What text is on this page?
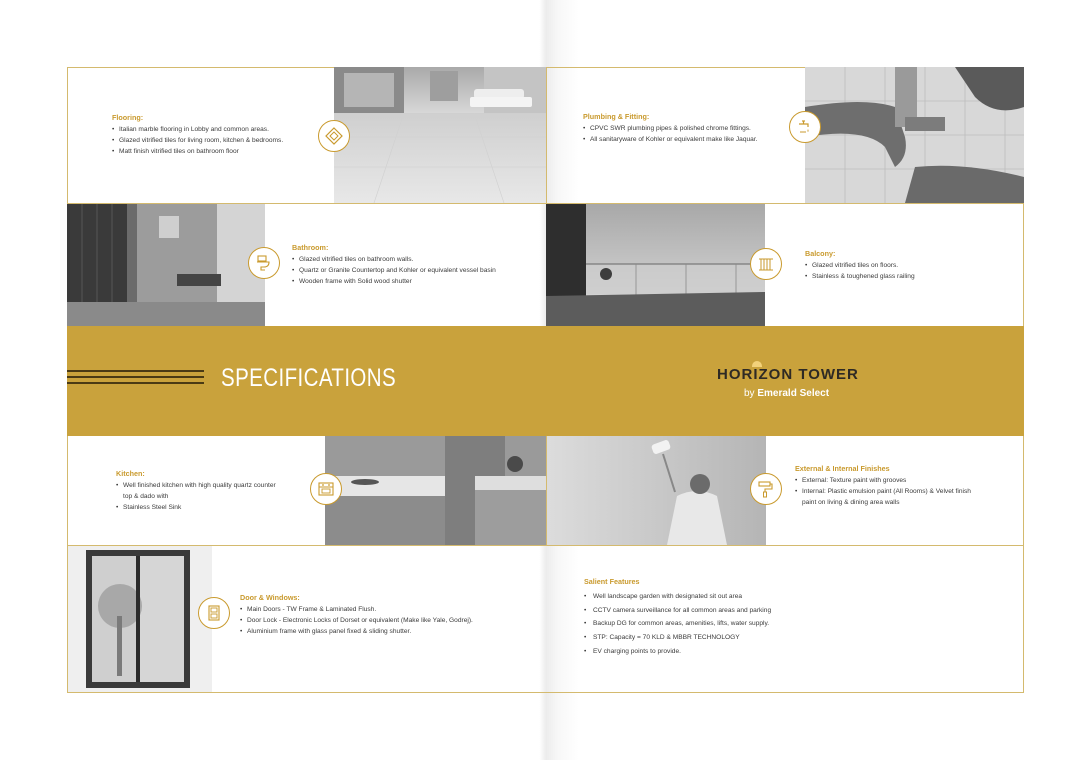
Flooring:
• Italian marble flooring in Lobby and common areas.
• Glazed vitrified tiles for living room, kitchen & bedrooms.
• Matt finish vitrified tiles on bathroom floor
Plumbing & Fitting:
• CPVC SWR plumbing pipes & polished chrome fittings.
• All sanitaryware of Kohler or equivalent make like Jaquar.
Bathroom:
• Glazed vitrified tiles on bathroom walls.
• Quartz or Granite Countertop and Kohler or equivalent vessel basin
• Wooden frame with Solid wood shutter
Balcony:
• Glazed vitrified tiles on floors.
• Stainless & toughened glass railing
SPECIFICATIONS	HORIZON TOWER
by Emerald Select
Kitchen:
• Well finished kitchen with high quality quartz counter top & dado with
• Stainless Steel Sink
External & Internal Finishes
• External: Texture paint with grooves
• Internal: Plastic emulsion paint (All Rooms) & Velvet finish paint on living & dining area walls
Door & Windows:
• Main Doors - TW Frame & Laminated Flush.
• Door Lock - Electronic Locks of Dorset or equivalent (Make like Yale, Godrej).
• Aluminium frame with glass panel fixed & sliding shutter.
Salient Features
• Well landscape garden with designated sit out area
• CCTV camera surveillance for all common areas and parking
• Backup DG for common areas, amenities, lifts, water supply.
• STP: Capacity = 70 KLD & MBBR TECHNOLOGY
• EV charging points to provide.
